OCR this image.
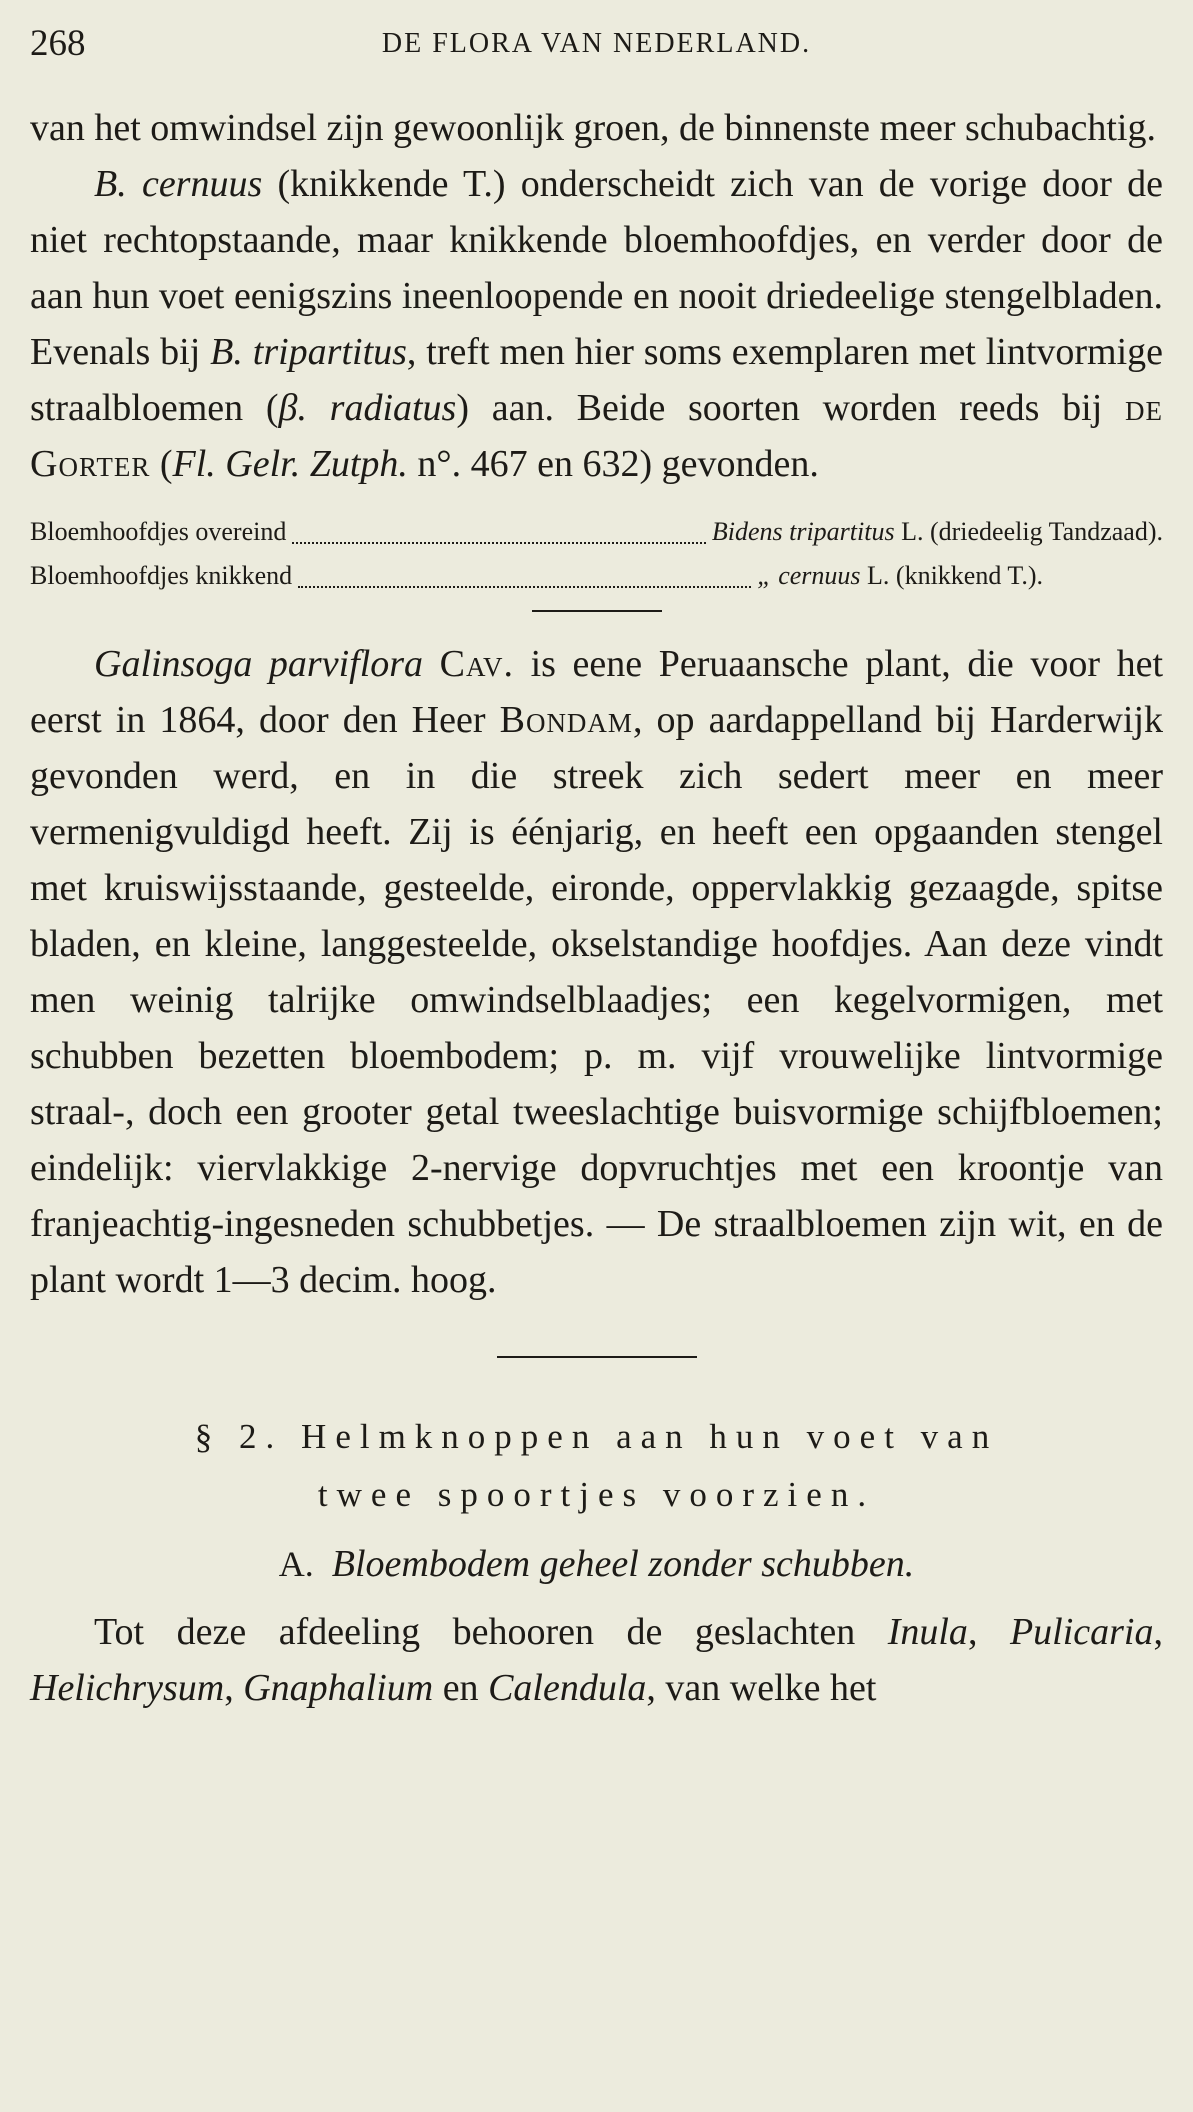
268	DE FLORA VAN NEDERLAND.

van het omwindsel zijn gewoonlijk groen, de binnenste meer schubachtig.

B. cernuus (knikkende T.) onderscheidt zich van de vorige door de niet rechtopstaande, maar knikkende bloemhoofdjes, en verder door de aan hun voet eenigszins ineenloopende en nooit driedeelige stengelbladen. Evenals bij B. tripartitus, treft men hier soms exemplaren met lintvormige straalbloemen (β. radiatus) aan. Beide soorten worden reeds bij de Gorter (Fl. Gelr. Zutph. n°. 467 en 632) gevonden.

Bloemhoofdjes overeind	Bidens tripartitus L. (driedeelig Tandzaad).
Bloemhoofdjes knikkend	„ cernuus L. (knikkend T.).

Galinsoga parviflora Cav. is eene Peruaansche plant, die voor het eerst in 1864, door den Heer Bondam, op aardappelland bij Harderwijk gevonden werd, en in die streek zich sedert meer en meer vermenigvuldigd heeft. Zij is éénjarig, en heeft een opgaanden stengel met kruiswijsstaande, gesteelde, eironde, oppervlakkig gezaagde, spitse bladen, en kleine, langgesteelde, okselstandige hoofdjes. Aan deze vindt men weinig talrijke omwindselblaadjes; een kegelvormigen, met schubben bezetten bloembodem; p. m. vijf vrouwelijke lintvormige straal-, doch een grooter getal tweeslachtige buisvormige schijfbloemen; eindelijk: viervlakkige 2-nervige dopvruchtjes met een kroontje van franjeachtig-ingesneden schubbetjes. — De straalbloemen zijn wit, en de plant wordt 1—3 decim. hoog.

§ 2. Helmknoppen aan hun voet van
twee spoortjes voorzien.
A. Bloembodem geheel zonder schubben.

Tot deze afdeeling behooren de geslachten Inula, Pulicaria, Helichrysum, Gnaphalium en Calendula, van welke het
